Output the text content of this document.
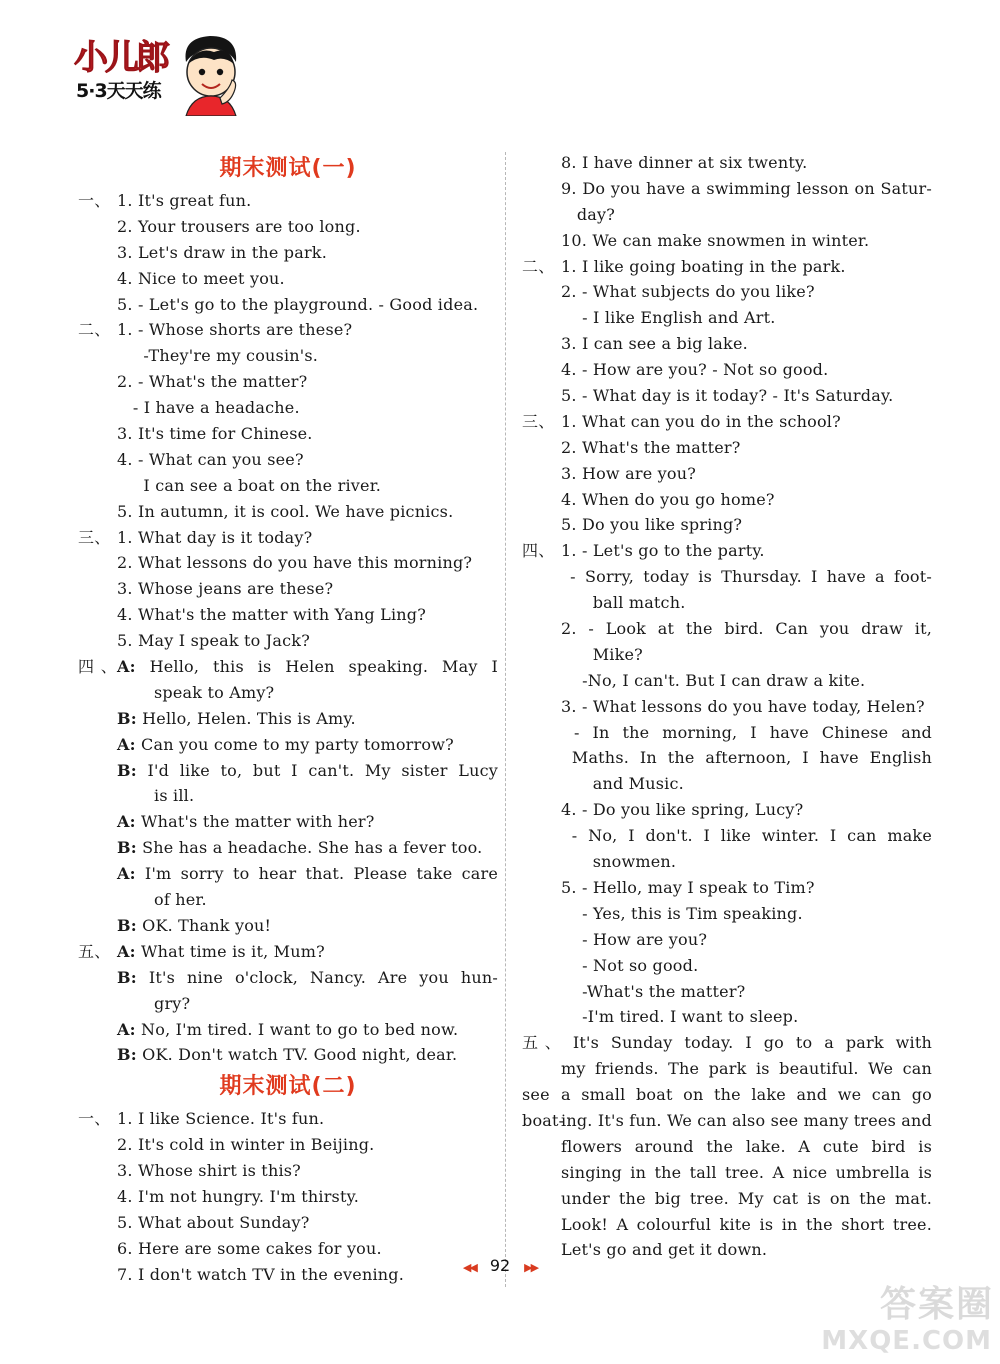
小儿郎
5·3天天练
期末测试(一)
一、 1. It's great fun.
2. Your trousers are too long.
3. Let's draw in the park.
4. Nice to meet you.
5. - Let's go to the playground. - Good idea.
二、 1. - Whose shorts are these?
-They're my cousin's.
2. - What's the matter?
- I have a headache.
3. It's time for Chinese.
4. - What can you see?
I can see a boat on the river.
5. In autumn, it is cool. We have picnics.
三、 1. What day is it today?
2. What lessons do you have this morning?
3. Whose jeans are these?
4. What's the matter with Yang Ling?
5. May I speak to Jack?
四、A: Hello, this is Helen speaking. May I
speak to Amy?
B: Hello, Helen. This is Amy.
A: Can you come to my party tomorrow?
B: I'd like to, but I can't. My sister Lucy
is ill.
A: What's the matter with her?
B: She has a headache. She has a fever too.
A: I'm sorry to hear that. Please take care
of her.
B: OK. Thank you!
五、 A: What time is it, Mum?
B: It's nine o'clock, Nancy. Are you hun-
gry?
A: No, I'm tired. I want to go to bed now.
B: OK. Don't watch TV. Good night, dear.
期末测试(二)
一、 1. I like Science. It's fun.
2. It's cold in winter in Beijing.
3. Whose shirt is this?
4. I'm not hungry. I'm thirsty.
5. What about Sunday?
6. Here are some cakes for you.
7. I don't watch TV in the evening.
8. I have dinner at six twenty.
9. Do you have a swimming lesson on Satur-
day?
10. We can make snowmen in winter.
二、 1. I like going boating in the park.
2. - What subjects do you like?
- I like English and Art.
3. I can see a big lake.
4. - How are you? - Not so good.
5. - What day is it today? - It's Saturday.
三、 1. What can you do in the school?
2. What's the matter?
3. How are you?
4. When do you go home?
5. Do you like spring?
四、 1. - Let's go to the party.
- Sorry, today is Thursday. I have a foot-
ball match.
2. - Look at the bird. Can you draw it,
Mike?
-No, I can't. But I can draw a kite.
3. - What lessons do you have today, Helen?
- In the morning, I have Chinese and
Maths. In the afternoon, I have English
and Music.
4. - Do you like spring, Lucy?
- No, I don't. I like winter. I can make
snowmen.
5. - Hello, may I speak to Tim?
- Yes, this is Tim speaking.
- How are you?
- Not so good.
-What's the matter?
-I'm tired. I want to sleep.
五、 It's Sunday today. I go to a park with
my friends. The park is beautiful. We can see a small boat on the lake and we can go boat-
ing. It's fun. We can also see many trees and
flowers around the lake. A cute bird is
singing in the tall tree. A nice umbrella is
under the big tree. My cat is on the mat.
Look! A colourful kite is in the short tree.
Let's go and get it down.
◀◀ 92 ▶▶
答案圈
MXQE.COM
